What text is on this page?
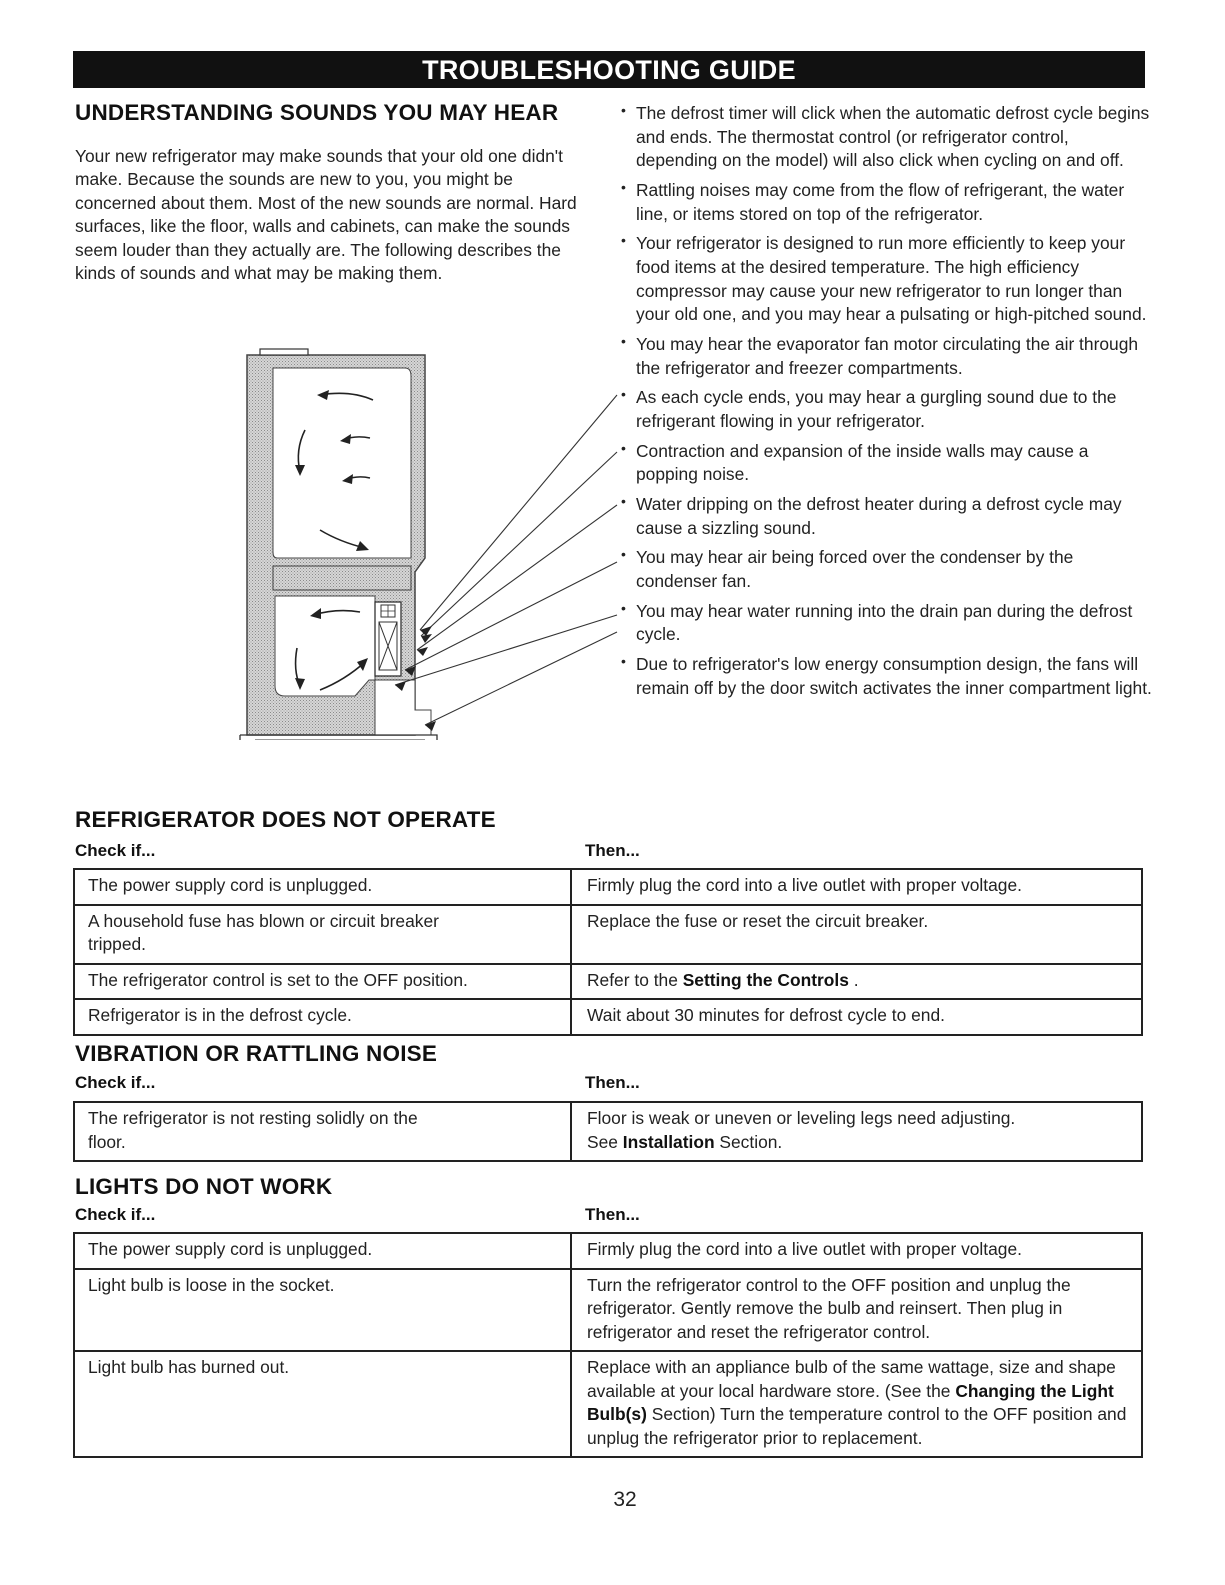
TROUBLESHOOTING GUIDE
UNDERSTANDING SOUNDS YOU MAY HEAR

Your new refrigerator may make sounds that your old one didn't make. Because the sounds are new to you, you might be concerned about them. Most of the new sounds are normal. Hard surfaces, like the floor, walls and cabinets, can make the sounds seem louder than they actually are. The following describes the kinds of sounds and what may be making them.

• The defrost timer will click when the automatic defrost cycle begins and ends. The thermostat control (or refrigerator control, depending on the model) will also click when cycling on and off.
• Rattling noises may come from the flow of refrigerant, the water line, or items stored on top of the refrigerator.
• Your refrigerator is designed to run more efficiently to keep your food items at the desired temperature. The high efficiency compressor may cause your new refrigerator to run longer than your old one, and you may hear a pulsating or high-pitched sound.
• You may hear the evaporator fan motor circulating the air through the refrigerator and freezer compartments.
• As each cycle ends, you may hear a gurgling sound due to the refrigerant flowing in your refrigerator.
• Contraction and expansion of the inside walls may cause a popping noise.
• Water dripping on the defrost heater during a defrost cycle may cause a sizzling sound.
• You may hear air being forced over the condenser by the condenser fan.
• You may hear water running into the drain pan during the defrost cycle.
• Due to refrigerator's low energy consumption design, the fans will remain off by the door switch activates the inner compartment light.
REFRIGERATOR DOES NOT OPERATE
Check if...	Then...
The power supply cord is unplugged.	Firmly plug the cord into a live outlet with proper voltage.
A household fuse has blown or circuit breaker tripped.	Replace the fuse or reset the circuit breaker.
The refrigerator control is set to the OFF position.	Refer to the Setting the Controls .
Refrigerator is in the defrost cycle.	Wait about 30 minutes for defrost cycle to end.
VIBRATION OR RATTLING NOISE
Check if...	Then...
The refrigerator is not resting solidly on the floor.	Floor is weak or uneven or leveling legs need adjusting.
See Installation Section.
LIGHTS DO NOT WORK
Check if...	Then...
The power supply cord is unplugged.	Firmly plug the cord into a live outlet with proper voltage.
Light bulb is loose in the socket.	Turn the refrigerator control to the OFF position and unplug the refrigerator. Gently remove the bulb and reinsert. Then plug in refrigerator and reset the refrigerator control.
Light bulb has burned out.	Replace with an appliance bulb of the same wattage, size and shape available at your local hardware store. (See the Changing the Light Bulb(s) Section) Turn the temperature control to the OFF position and unplug the refrigerator prior to replacement.
32
